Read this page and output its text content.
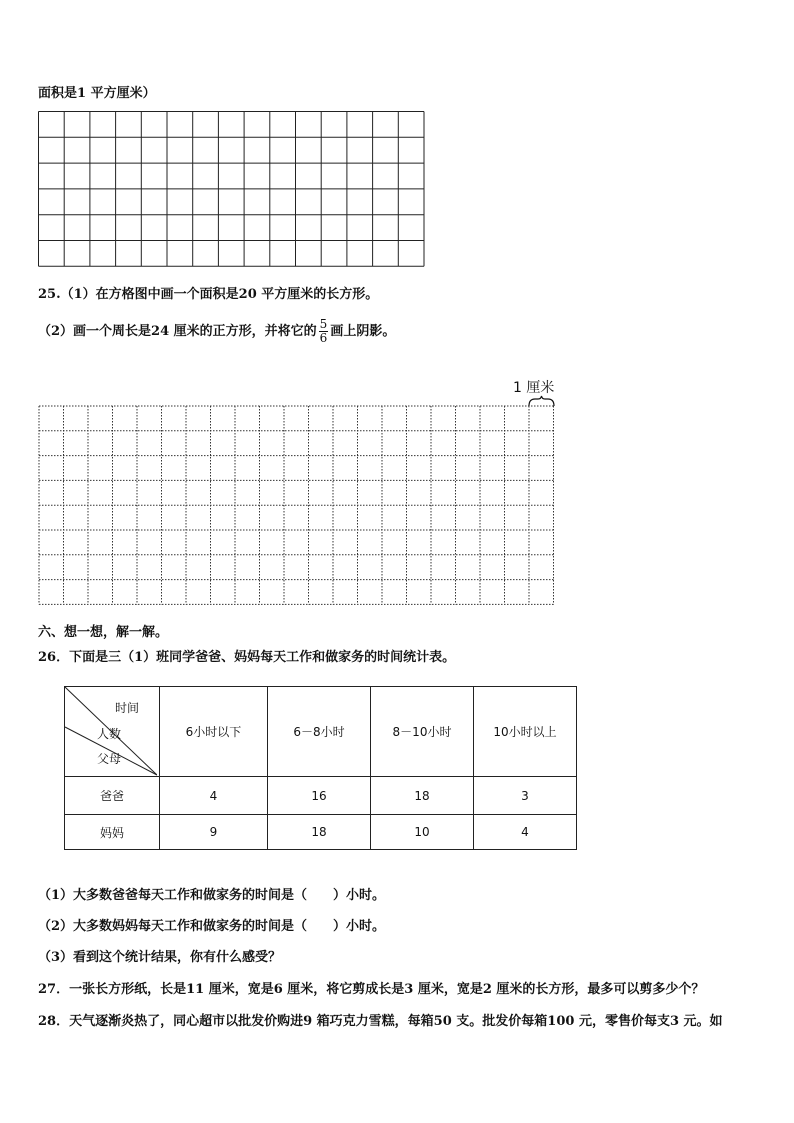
面积是1 平方厘米）
25.（1）在方格图中画一个面积是20 平方厘米的长方形。
（2）画一个周长是24 厘米的正方形，并将它的 $\frac{5}{6}$ 画上阴影。
1 厘米
六、想一想，解一解。
26．下面是三（1）班同学爸爸、妈妈每天工作和做家务的时间统计表。
时间
人数
父母	6小时以下	6－8小时	8－10小时	10小时以上
爸爸	4	16	18	3
妈妈	9	18	10	4
（1）大多数爸爸每天工作和做家务的时间是（　　）小时。
（2）大多数妈妈每天工作和做家务的时间是（　　）小时。
（3）看到这个统计结果，你有什么感受？
27．一张长方形纸，长是11 厘米，宽是6 厘米，将它剪成长是3 厘米，宽是2 厘米的长方形，最多可以剪多少个？
28．天气逐渐炎热了，同心超市以批发价购进9 箱巧克力雪糕，每箱50 支。批发价每箱100 元，零售价每支3 元。如
